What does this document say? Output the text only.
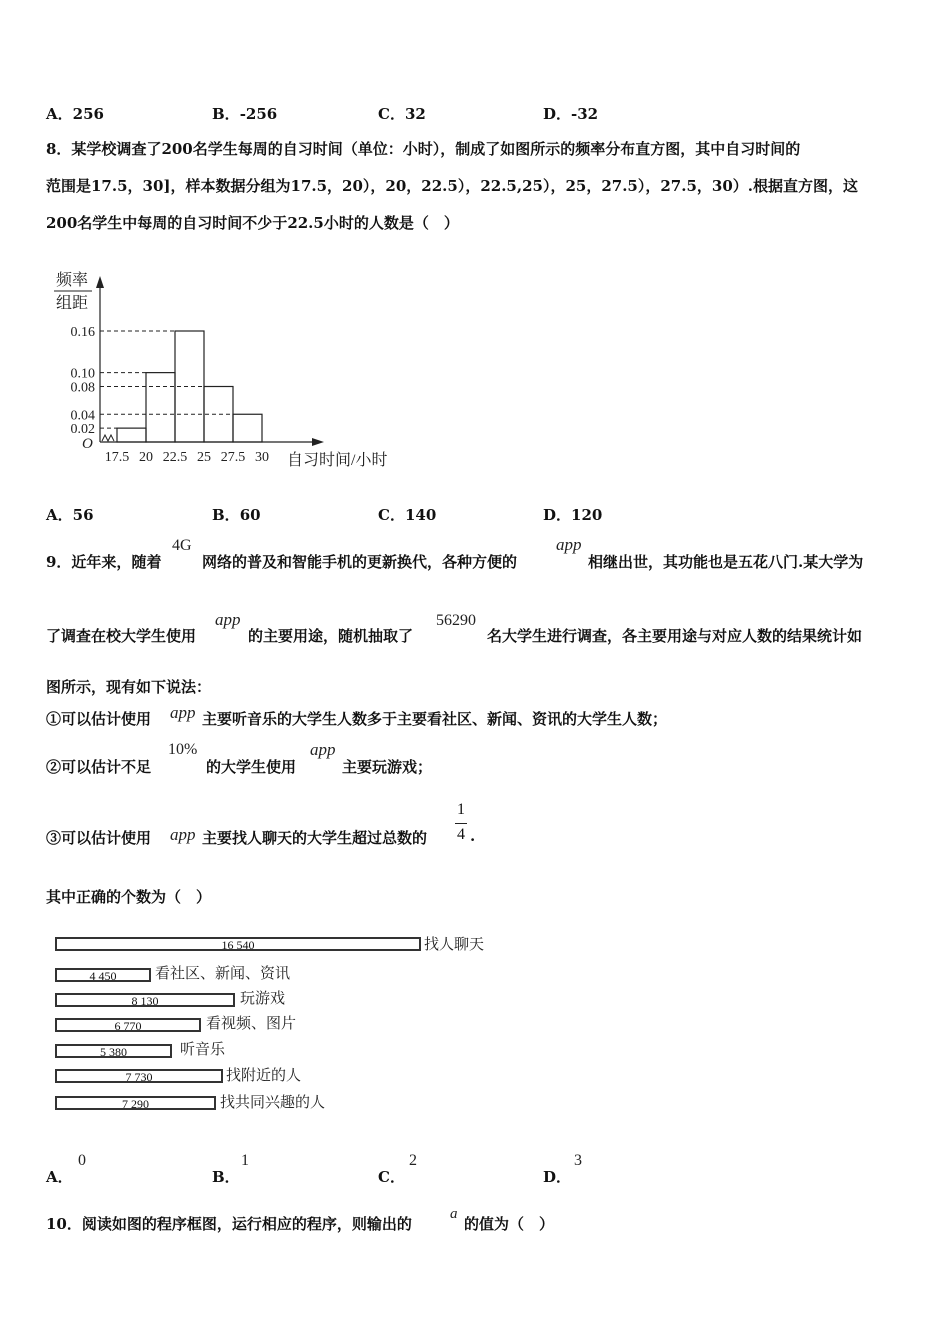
A．256	B．-256	C．32	D．-32
8．某学校调查了200名学生每周的自习时间（单位：小时），制成了如图所示的频率分布直方图，其中自习时间的
范围是17.5，30]，样本数据分组为17.5，20），20，22.5），22.5,25），25，27.5），27.5，30）.根据直方图，这
200名学生中每周的自习时间不少于22.5小时的人数是（　）
频率
组距
O
自习时间/小时
0.16
0.10
0.08
0.04
0.02
17.5 20 22.5 25 27.5 30
A．56	B．60	C．140	D．120
9．近年来，随着
4G
网络的普及和智能手机的更新换代，各种方便的
app
相继出世，其功能也是五花八门.某大学为
了调查在校大学生使用
app
的主要用途，随机抽取了
56290
名大学生进行调查，各主要用途与对应人数的结果统计如
图所示，现有如下说法：
①可以估计使用 app 主要听音乐的大学生人数多于主要看社区、新闻、资讯的大学生人数；
②可以估计不足
10%
的大学生使用
app
主要玩游戏；
③可以估计使用 app 主要找人聊天的大学生超过总数的
1
4 .
其中正确的个数为（　）
16 540	找人聊天
4 450	看社区、新闻、资讯
8 130	玩游戏
6 770	看视频、图片
5 380	听音乐
7 730	找附近的人
7 290	找共同兴趣的人
A．
0
B．
1
C．
2
D．
3
10．阅读如图的程序框图，运行相应的程序，则输出的
a
的值为（　）
